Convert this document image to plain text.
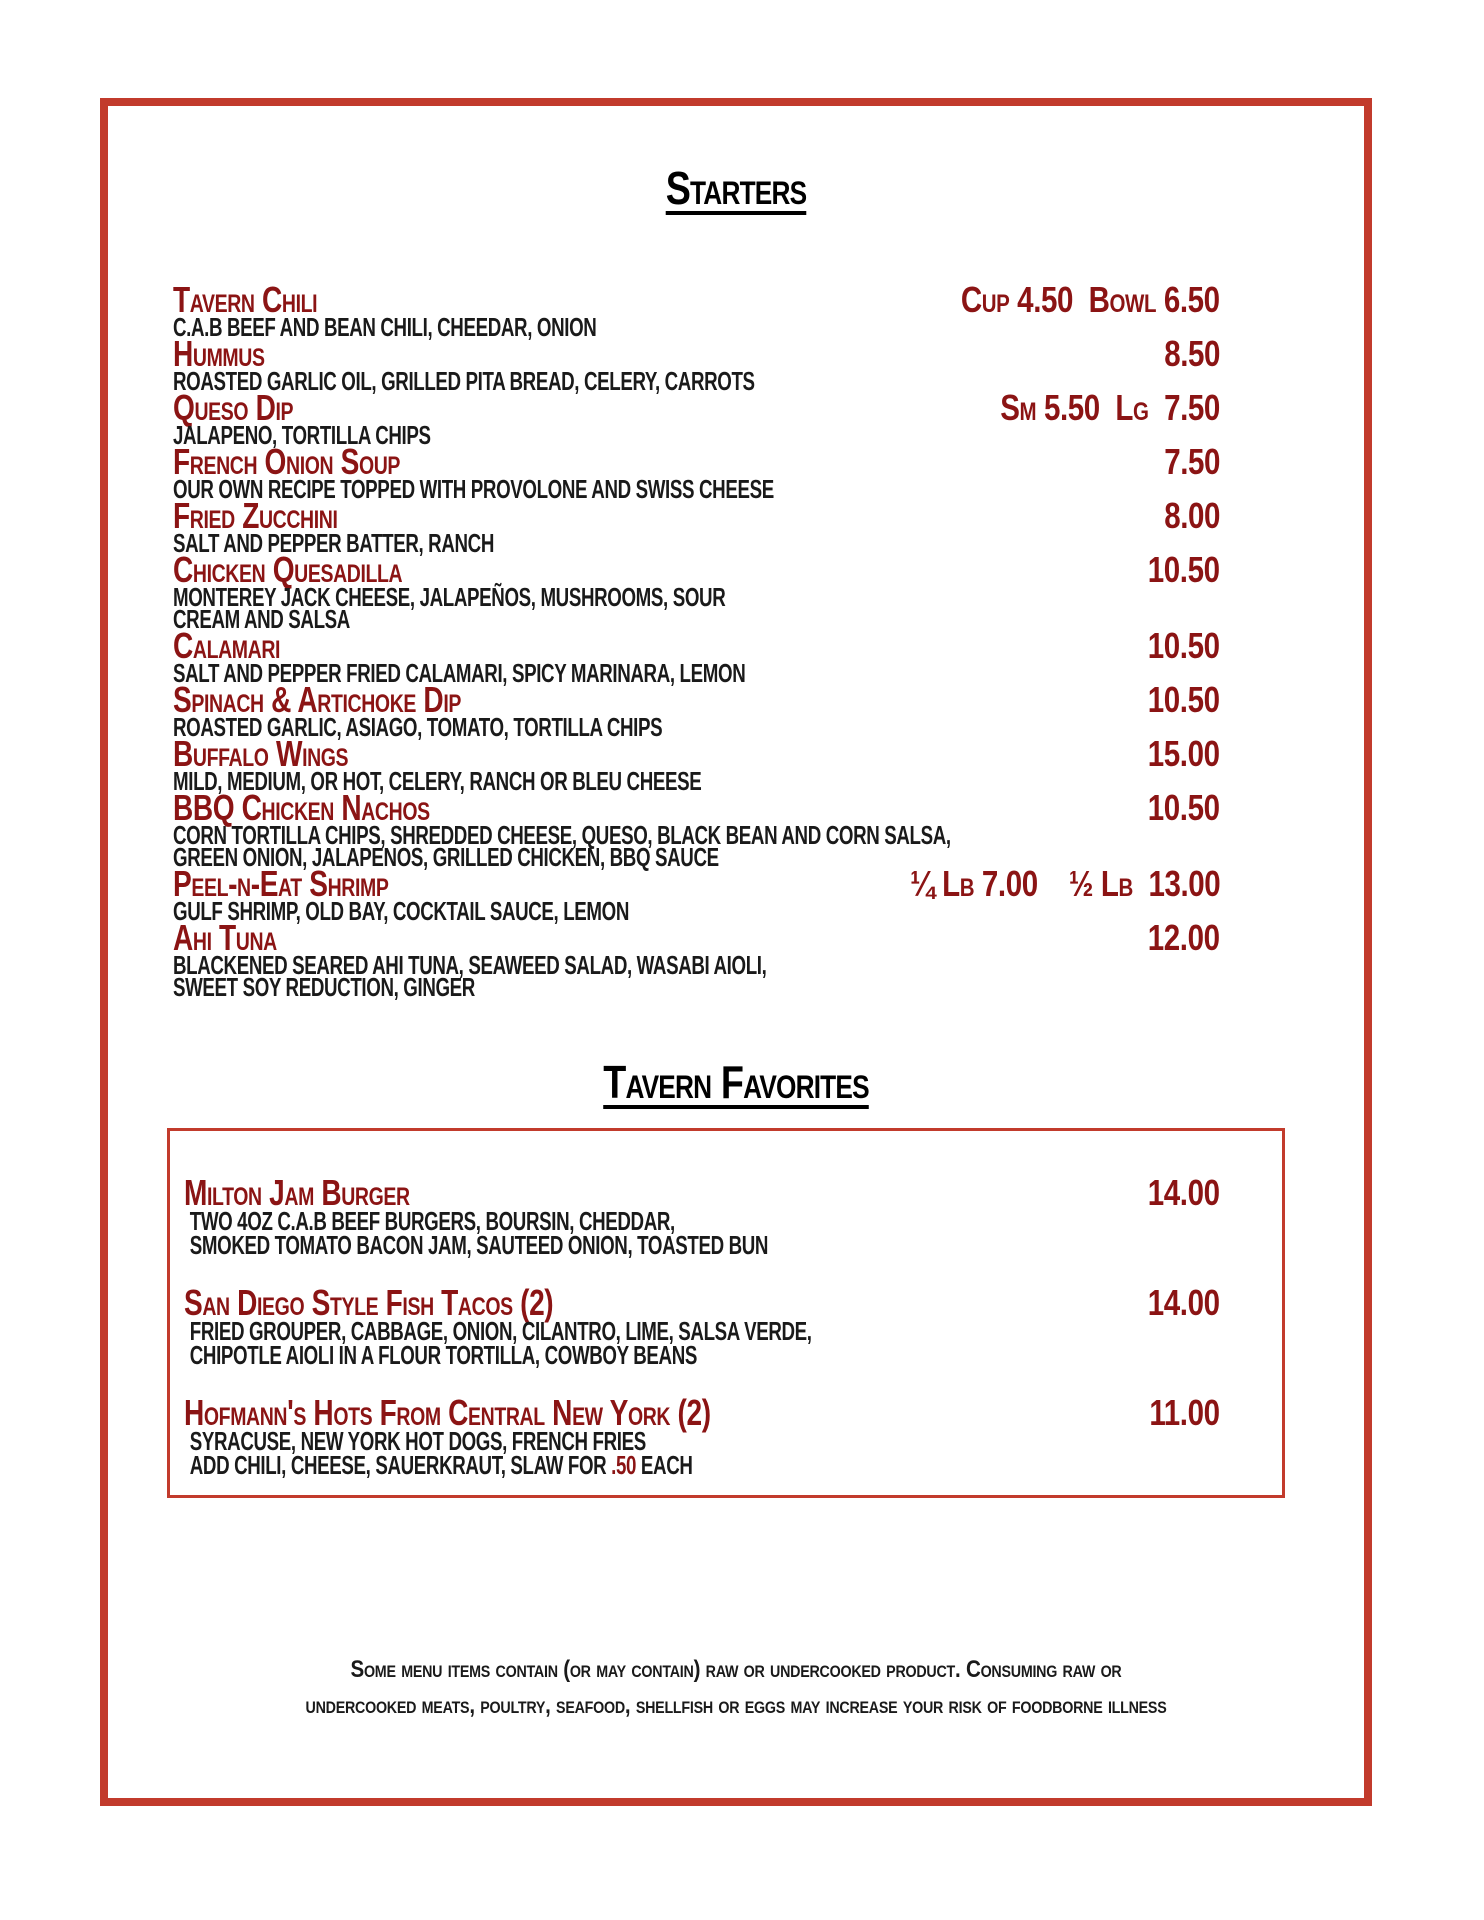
Starters
Tavern Chili	Cup 4.50  Bowl 6.50
C.A.B BEEF AND BEAN CHILI, CHEEDAR, ONION
Hummus	8.50
ROASTED GARLIC OIL, GRILLED PITA BREAD, CELERY, CARROTS
Queso Dip	Sm 5.50  Lg  7.50
JALAPENO, TORTILLA CHIPS
French Onion Soup	7.50
OUR OWN RECIPE TOPPED WITH PROVOLONE AND SWISS CHEESE
Fried Zucchini	8.00
SALT AND PEPPER BATTER, RANCH
Chicken Quesadilla	10.50
MONTEREY JACK CHEESE, JALAPEÑOS, MUSHROOMS, SOUR
CREAM AND SALSA
Calamari	10.50
SALT AND PEPPER FRIED CALAMARI, SPICY MARINARA, LEMON
Spinach & Artichoke Dip	10.50
ROASTED GARLIC, ASIAGO, TOMATO, TORTILLA CHIPS
Buffalo Wings	15.00
MILD, MEDIUM, OR HOT, CELERY, RANCH OR BLEU CHEESE
BBQ Chicken Nachos	10.50
CORN TORTILLA CHIPS, SHREDDED CHEESE, QUESO, BLACK BEAN AND CORN SALSA,
GREEN ONION, JALAPENOS, GRILLED CHICKEN, BBQ SAUCE
Peel-n-Eat Shrimp	¼ Lb 7.00    ½ Lb  13.00
GULF SHRIMP, OLD BAY, COCKTAIL SAUCE, LEMON
Ahi Tuna	12.00
BLACKENED SEARED AHI TUNA, SEAWEED SALAD, WASABI AIOLI,
SWEET SOY REDUCTION, GINGER
Tavern Favorites
Milton Jam Burger	14.00
TWO 4OZ C.A.B BEEF BURGERS, BOURSIN, CHEDDAR,
SMOKED TOMATO BACON JAM, SAUTEED ONION, TOASTED BUN
San Diego Style Fish Tacos (2)	14.00
FRIED GROUPER, CABBAGE, ONION, CILANTRO, LIME, SALSA VERDE,
CHIPOTLE AIOLI IN A FLOUR TORTILLA, COWBOY BEANS
Hofmann's Hots From Central New York (2)	11.00
SYRACUSE, NEW YORK HOT DOGS, FRENCH FRIES
ADD CHILI, CHEESE, SAUERKRAUT, SLAW FOR .50 EACH
Some menu items contain (or may contain) raw or undercooked product. Consuming raw or
undercooked meats, poultry, seafood, shellfish or eggs may increase your risk of foodborne illness
